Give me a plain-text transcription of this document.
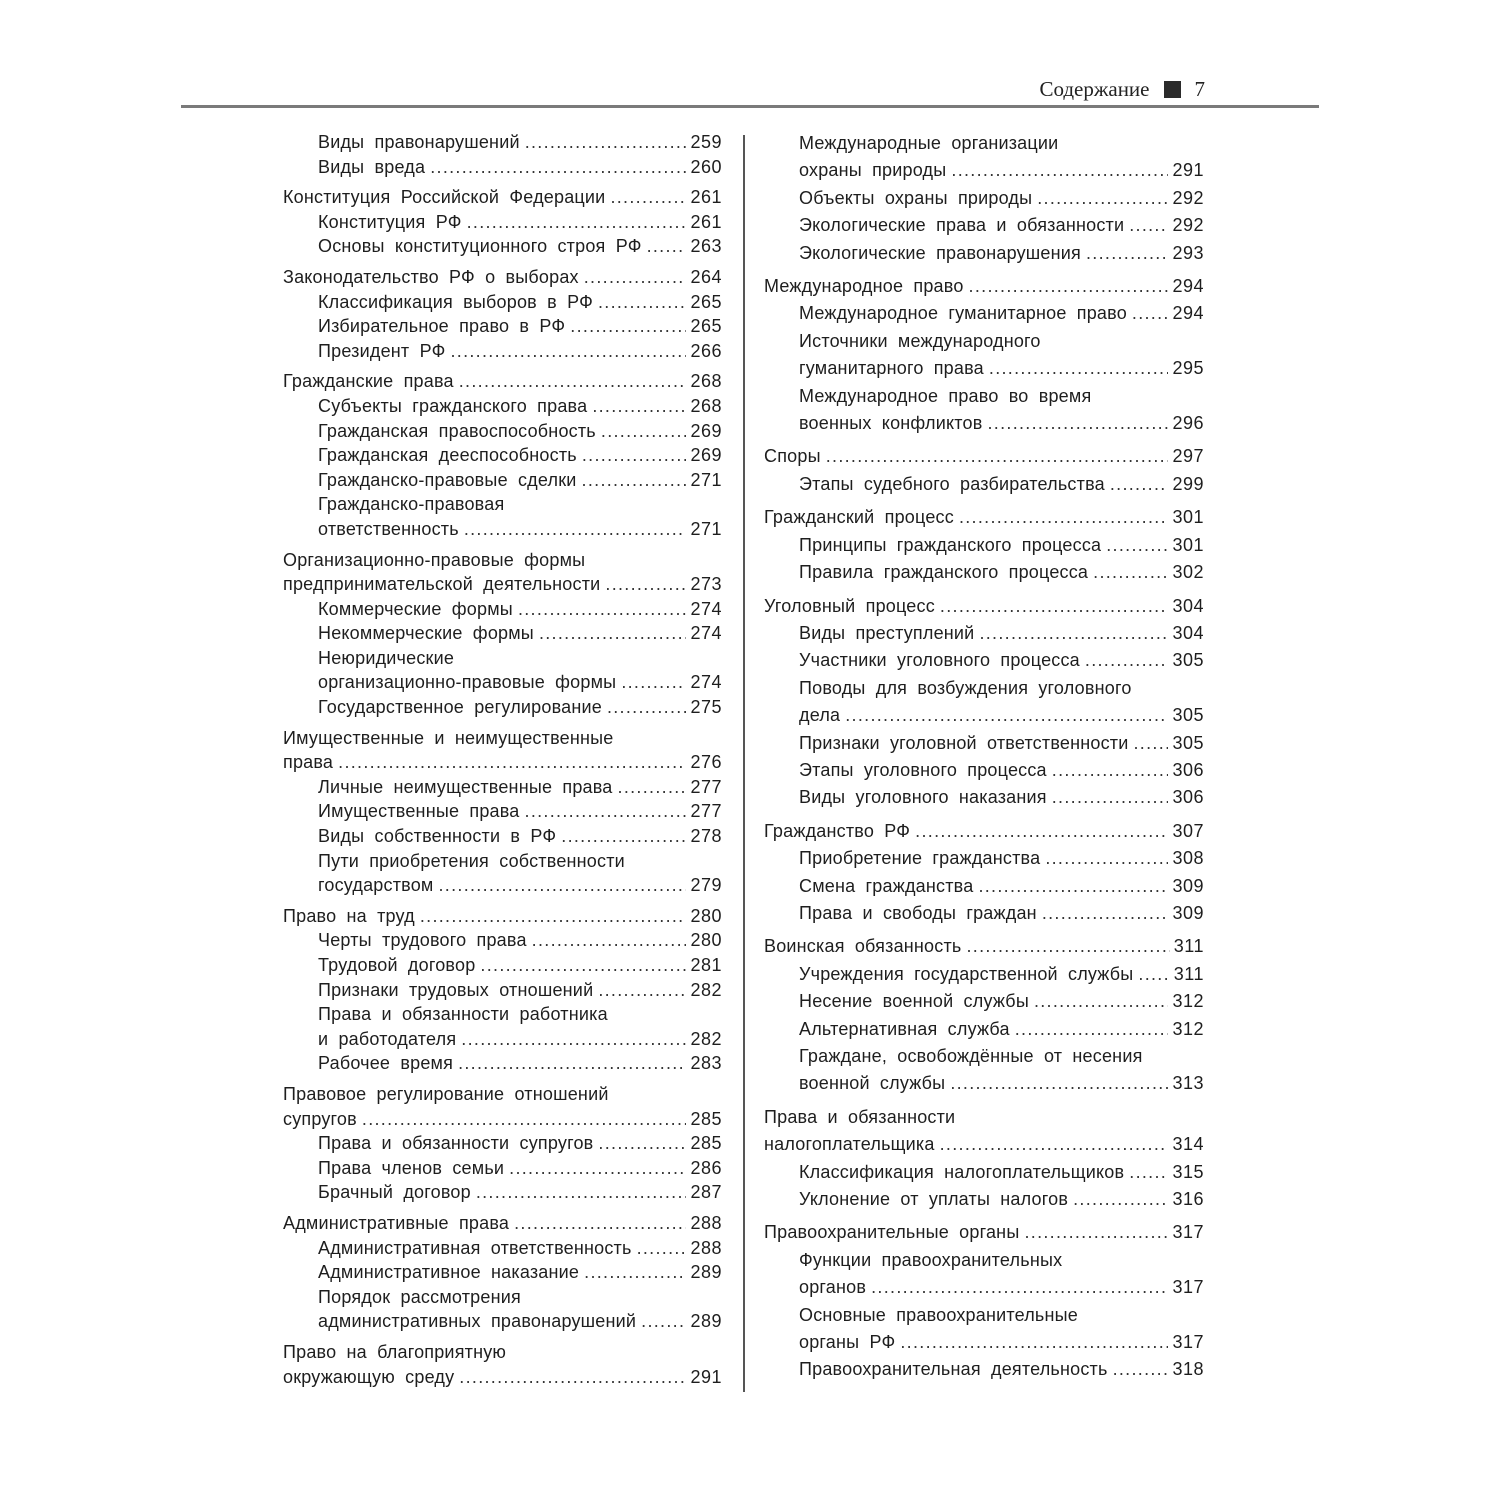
Содержание 7
Виды правонарушений .....	259
Виды вреда .....	260
Конституция Российской Федерации .....	261
Конституция РФ .....	261
Основы конституционного строя РФ .....	263
Законодательство РФ о выборах .....	264
Классификация выборов в РФ .....	265
Избирательное право в РФ .....	265
Президент РФ .....	266
Гражданские права .....	268
Субъекты гражданского права .....	268
Гражданская правоспособность .....	269
Гражданская дееспособность .....	269
Гражданско-правовые сделки .....	271
Гражданско-правовая
ответственность .....	271
Организационно-правовые формы
предпринимательской деятельности .....	273
Коммерческие формы .....	274
Некоммерческие формы .....	274
Неюридические
организационно-правовые формы .....	274
Государственное регулирование .....	275
Имущественные и неимущественные
права .....	276
Личные неимущественные права .....	277
Имущественные права .....	277
Виды собственности в РФ .....	278
Пути приобретения собственности
государством .....	279
Право на труд .....	280
Черты трудового права .....	280
Трудовой договор .....	281
Признаки трудовых отношений .....	282
Права и обязанности работника
и работодателя .....	282
Рабочее время .....	283
Правовое регулирование отношений
супругов .....	285
Права и обязанности супругов .....	285
Права членов семьи .....	286
Брачный договор .....	287
Административные права .....	288
Административная ответственность .....	288
Административное наказание .....	289
Порядок рассмотрения
административных правонарушений .....	289
Право на благоприятную
окружающую среду .....	291
Международные организации
охраны природы .....	291
Объекты охраны природы .....	292
Экологические права и обязанности .....	292
Экологические правонарушения .....	293
Международное право .....	294
Международное гуманитарное право .....	294
Источники международного
гуманитарного права .....	295
Международное право во время
военных конфликтов .....	296
Споры .....	297
Этапы судебного разбирательства .....	299
Гражданский процесс .....	301
Принципы гражданского процесса .....	301
Правила гражданского процесса .....	302
Уголовный процесс .....	304
Виды преступлений .....	304
Участники уголовного процесса .....	305
Поводы для возбуждения уголовного
дела .....	305
Признаки уголовной ответственности ..... 305
Этапы уголовного процесса .....	306
Виды уголовного наказания .....	306
Гражданство РФ .....	307
Приобретение гражданства .....	308
Смена гражданства .....	309
Права и свободы граждан .....	309
Воинская обязанность .....	311
Учреждения государственной службы ..... 311
Несение военной службы .....	312
Альтернативная служба .....	312
Граждане, освобождённые от несения
военной службы .....	313
Права и обязанности
налогоплательщика .....	314
Классификация налогоплательщиков .....	315
Уклонение от уплаты налогов .....	316
Правоохранительные органы .....	317
Функции правоохранительных
органов .....	317
Основные правоохранительные
органы РФ .....	317
Правоохранительная деятельность .....	318
